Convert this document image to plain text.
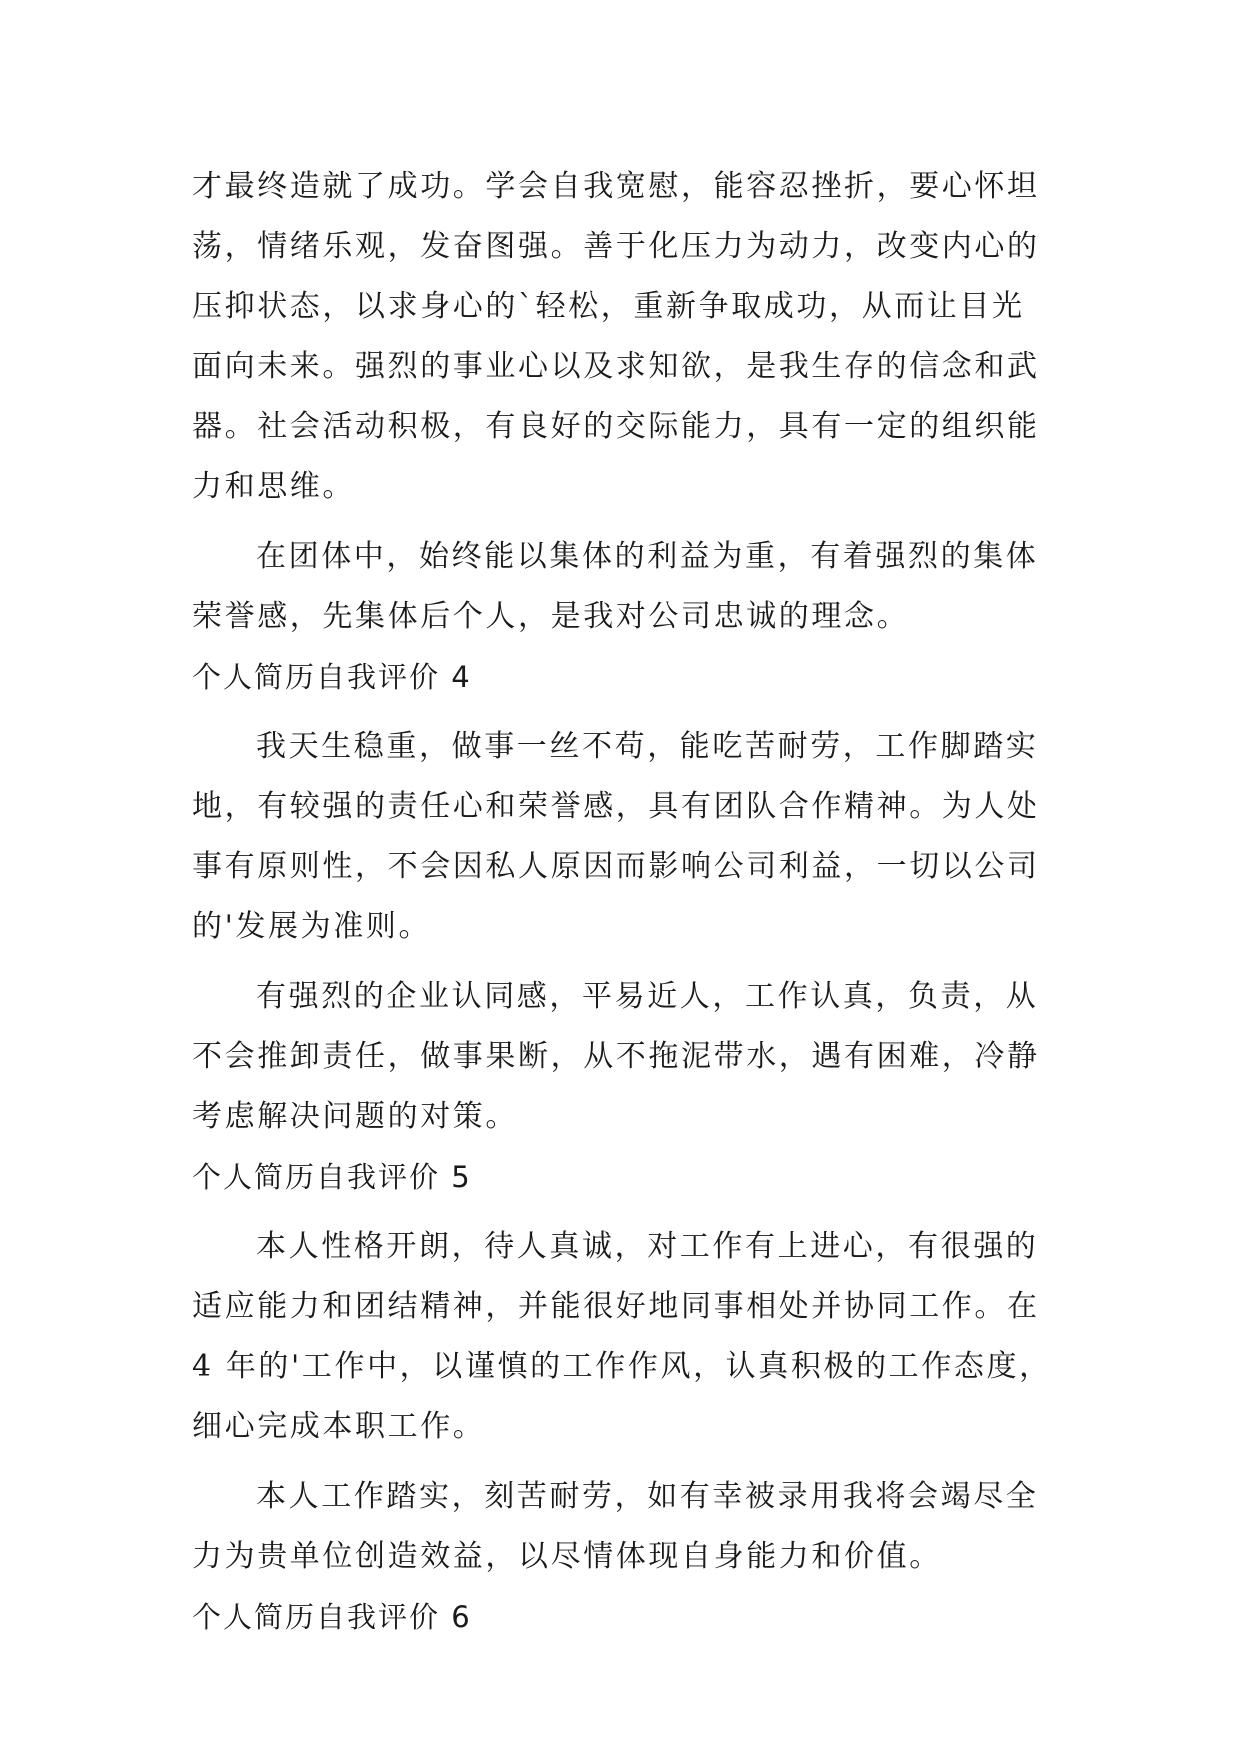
才最终造就了成功。学会自我宽慰，能容忍挫折，要心怀坦
荡，情绪乐观，发奋图强。善于化压力为动力，改变内心的
压抑状态，以求身心的`轻松，重新争取成功，从而让目光
面向未来。强烈的事业心以及求知欲，是我生存的信念和武
器。社会活动积极，有良好的交际能力，具有一定的组织能
力和思维。
在团体中，始终能以集体的利益为重，有着强烈的集体
荣誉感，先集体后个人，是我对公司忠诚的理念。
个人简历自我评价 4
我天生稳重，做事一丝不苟，能吃苦耐劳，工作脚踏实
地，有较强的责任心和荣誉感，具有团队合作精神。为人处
事有原则性，不会因私人原因而影响公司利益，一切以公司
的'发展为准则。
有强烈的企业认同感，平易近人，工作认真，负责，从
不会推卸责任，做事果断，从不拖泥带水，遇有困难，冷静
考虑解决问题的对策。
个人简历自我评价 5
本人性格开朗，待人真诚，对工作有上进心，有很强的
适应能力和团结精神，并能很好地同事相处并协同工作。在
4 年的'工作中，以谨慎的工作作风，认真积极的工作态度，
细心完成本职工作。
本人工作踏实，刻苦耐劳，如有幸被录用我将会竭尽全
力为贵单位创造效益，以尽情体现自身能力和价值。
个人简历自我评价 6
